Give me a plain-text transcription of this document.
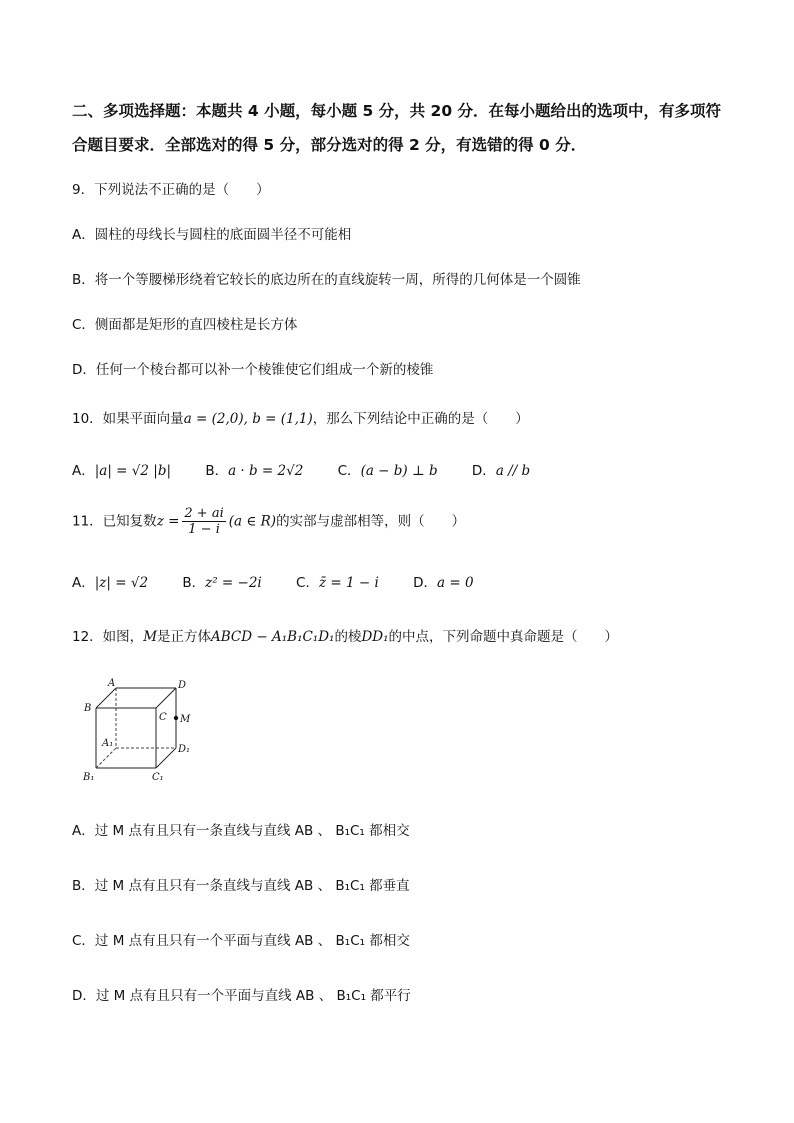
二、多项选择题：本题共 4 小题，每小题 5 分，共 20 分．在每小题给出的选项中，有多项符
合题目要求．全部选对的得 5 分，部分选对的得 2 分，有选错的得 0 分．
9．下列说法不正确的是（　　）
A．圆柱的母线长与圆柱的底面圆半径不可能相
B．将一个等腰梯形绕着它较长的底边所在的直线旋转一周，所得的几何体是一个圆锥
C．侧面都是矩形的直四棱柱是长方体
D．任何一个棱台都可以补一个棱锥使它们组成一个新的棱锥
10．如果平面向量a = (2,0), b = (1,1)，那么下列结论中正确的是（　　）
A．|a| = √2 |b|	B．a · b = 2√2	C．(a − b) ⊥ b	D．a // b
11．已知复数$z = \frac{2 + ai}{1 - i} (a$ ∈ R)的实部与虚部相等，则（　　）
A．|z| = √2	B．z² = −2i	C．z̄ = 1 − i	D．a = 0
12．如图，M是正方体ABCD − A₁B₁C₁D₁的棱DD₁的中点，下列命题中真命题是（　　）
A	D
B
C M
A₁
D₁
B₁	C₁
A．过 M 点有且只有一条直线与直线 AB 、 B₁C₁ 都相交
B．过 M 点有且只有一条直线与直线 AB 、 B₁C₁ 都垂直
C．过 M 点有且只有一个平面与直线 AB 、 B₁C₁ 都相交
D．过 M 点有且只有一个平面与直线 AB 、 B₁C₁ 都平行
